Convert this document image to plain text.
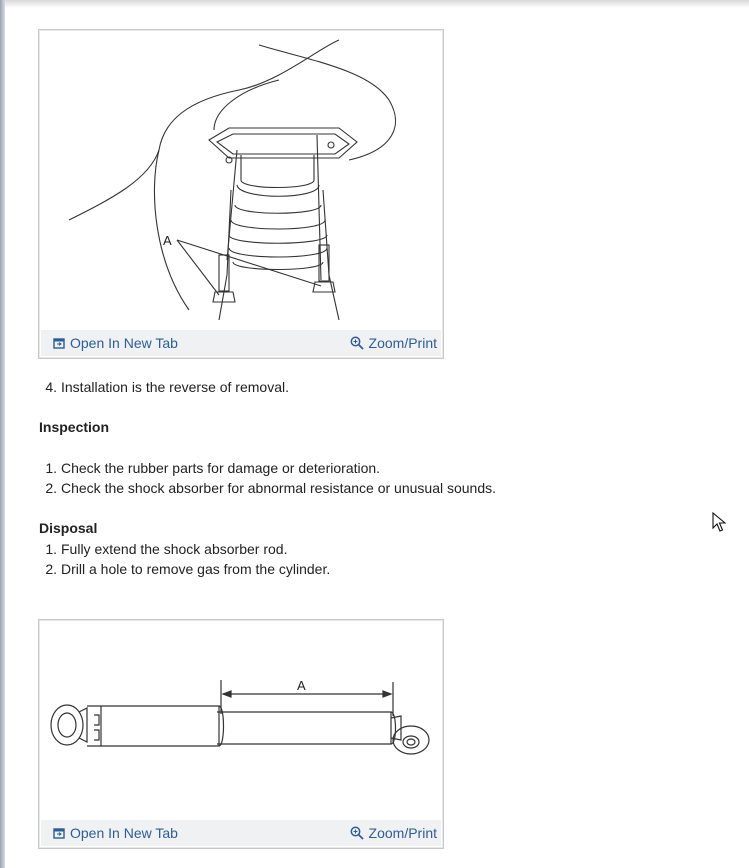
A
Open In New Tab	Zoom/Print
4. Installation is the reverse of removal.
Inspection
1. Check the rubber parts for damage or deterioration.
2. Check the shock absorber for abnormal resistance or unusual sounds.
Disposal
1. Fully extend the shock absorber rod.
2. Drill a hole to remove gas from the cylinder.
A
Open In New Tab	Zoom/Print
